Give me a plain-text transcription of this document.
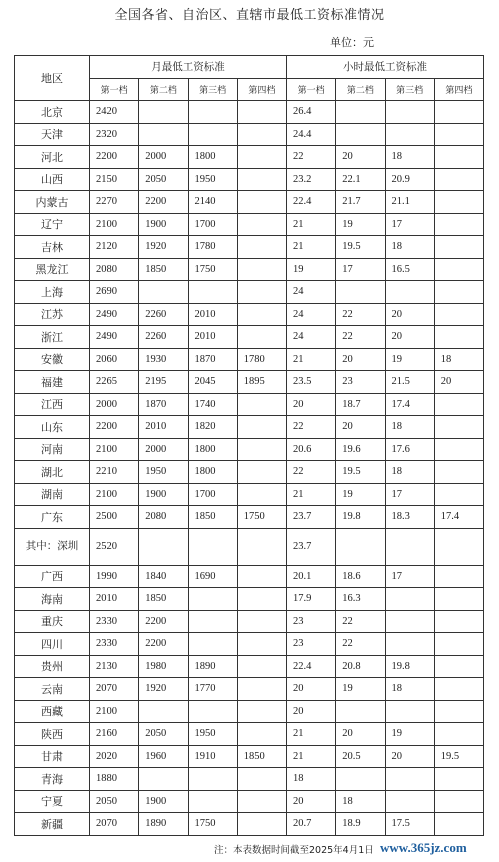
全国各省、自治区、直辖市最低工资标准情况
单位：元
地区	月最低工资标准				小时最低工资标准			
	第一档	第二档	第三档	第四档	第一档	第二档	第三档	第四档
北京	2420				26.4			
天津	2320				24.4			
河北	2200	2000	1800		22	20	18	
山西	2150	2050	1950		23.2	22.1	20.9	
内蒙古	2270	2200	2140		22.4	21.7	21.1	
辽宁	2100	1900	1700		21	19	17	
吉林	2120	1920	1780		21	19.5	18	
黑龙江	2080	1850	1750		19	17	16.5	
上海	2690				24			
江苏	2490	2260	2010		24	22	20	
浙江	2490	2260	2010		24	22	20	
安徽	2060	1930	1870	1780	21	20	19	18
福建	2265	2195	2045	1895	23.5	23	21.5	20
江西	2000	1870	1740		20	18.7	17.4	
山东	2200	2010	1820		22	20	18	
河南	2100	2000	1800		20.6	19.6	17.6	
湖北	2210	1950	1800		22	19.5	18	
湖南	2100	1900	1700		21	19	17	
广东	2500	2080	1850	1750	23.7	19.8	18.3	17.4
其中：深圳	2520				23.7			
广西	1990	1840	1690		20.1	18.6	17	
海南	2010	1850			17.9	16.3		
重庆	2330	2200			23	22		
四川	2330	2200			23	22		
贵州	2130	1980	1890		22.4	20.8	19.8	
云南	2070	1920	1770		20	19	18	
西藏	2100				20			
陕西	2160	2050	1950		21	20	19	
甘肃	2020	1960	1910	1850	21	20.5	20	19.5
青海	1880				18			
宁夏	2050	1900			20	18		
新疆	2070	1890	1750		20.7	18.9	17.5	
注：本表数据时间截至2025年4月1日 www.365jz.com
